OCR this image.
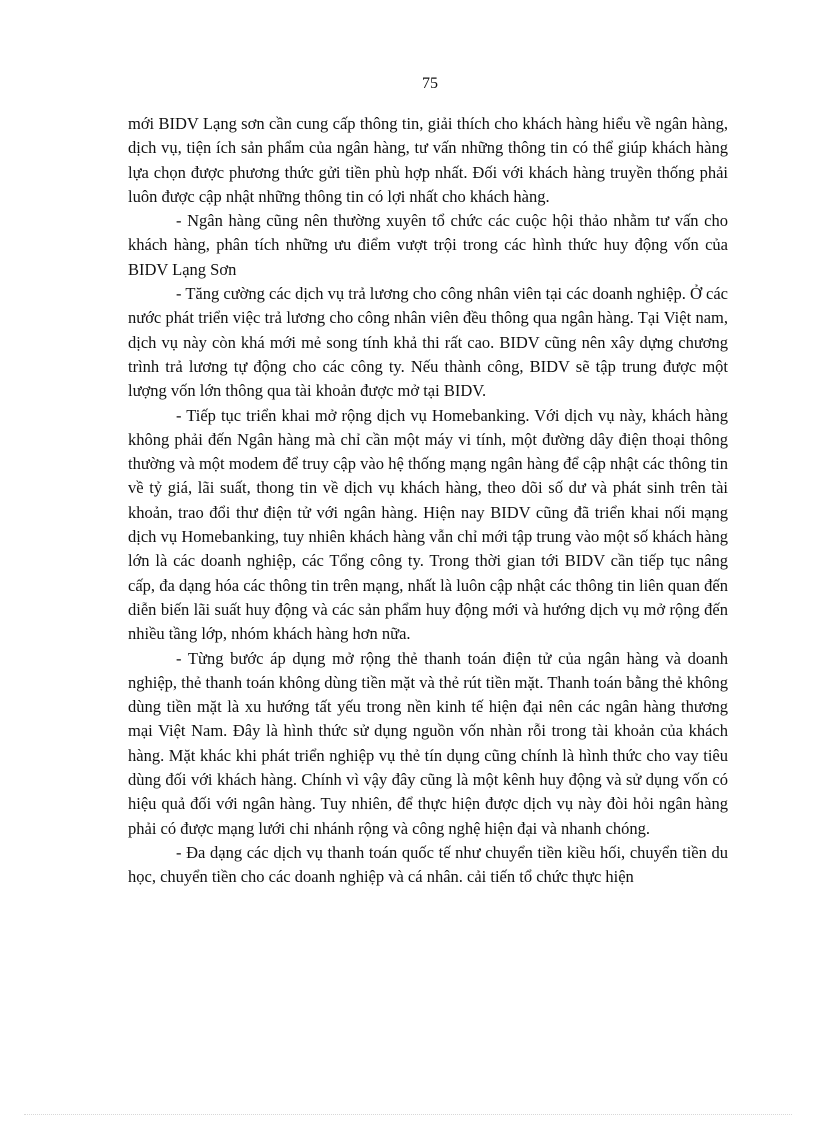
75

mới BIDV Lạng sơn cần cung cấp thông tin, giải thích cho khách hàng hiểu về ngân hàng, dịch vụ, tiện ích sản phẩm của ngân hàng, tư vấn những thông tin có thể giúp khách hàng lựa chọn được phương thức gửi tiền phù hợp nhất. Đối với khách hàng truyền thống phải luôn được cập nhật những thông tin có lợi nhất cho khách hàng.

- Ngân hàng cũng nên thường xuyên tổ chức các cuộc hội thảo nhằm tư vấn cho khách hàng, phân tích những ưu điểm vượt trội trong các hình thức huy động vốn của BIDV Lạng Sơn

- Tăng cường các dịch vụ trả lương cho công nhân viên tại các doanh nghiệp. Ở các nước phát triển việc trả lương cho công nhân viên đều thông qua ngân hàng. Tại Việt nam, dịch vụ này còn khá mới mẻ song tính khả thi rất cao. BIDV cũng nên xây dựng chương trình trả lương tự động cho các công ty. Nếu thành công, BIDV sẽ tập trung được một lượng vốn lớn thông qua tài khoản được mở tại BIDV.

- Tiếp tục triển khai mở rộng dịch vụ Homebanking. Với dịch vụ này, khách hàng không phải đến Ngân hàng mà chỉ cần một máy vi tính, một đường dây điện thoại thông thường và một modem để truy cập vào hệ thống mạng ngân hàng để cập nhật các thông tin về tỷ giá, lãi suất, thong tin về dịch vụ khách hàng, theo dõi số dư và phát sinh trên tài khoản, trao đổi thư điện tử với ngân hàng. Hiện nay BIDV cũng đã triển khai nối mạng dịch vụ Homebanking, tuy nhiên khách hàng vẫn chỉ mới tập trung vào một số khách hàng lớn là các doanh nghiệp, các Tổng công ty. Trong thời gian tới BIDV cần tiếp tục nâng cấp, đa dạng hóa các thông tin trên mạng, nhất là luôn cập nhật các thông tin liên quan đến diễn biến lãi suất huy động và các sản phẩm huy động mới và hướng dịch vụ mở rộng đến nhiều tầng lớp, nhóm khách hàng hơn nữa.

- Từng bước áp dụng mở rộng thẻ thanh toán điện tử của ngân hàng và doanh nghiệp, thẻ thanh toán không dùng tiền mặt và thẻ rút tiền mặt. Thanh toán bằng thẻ không dùng tiền mặt là xu hướng tất yếu trong nền kinh tế hiện đại nên các ngân hàng thương mại Việt Nam. Đây là hình thức sử dụng nguồn vốn nhàn rỗi trong tài khoản của khách hàng. Mặt khác khi phát triển nghiệp vụ thẻ tín dụng cũng chính là hình thức cho vay tiêu dùng đối với khách hàng. Chính vì vậy đây cũng là một kênh huy động và sử dụng vốn có hiệu quả đối với ngân hàng. Tuy nhiên, để thực hiện được dịch vụ này đòi hỏi ngân hàng phải có được mạng lưới chi nhánh rộng và công nghệ hiện đại và nhanh chóng.

- Đa dạng các dịch vụ thanh toán quốc tế như chuyển tiền kiều hối, chuyển tiền du học, chuyển tiền cho các doanh nghiệp và cá nhân. cải tiến tổ chức thực hiện
